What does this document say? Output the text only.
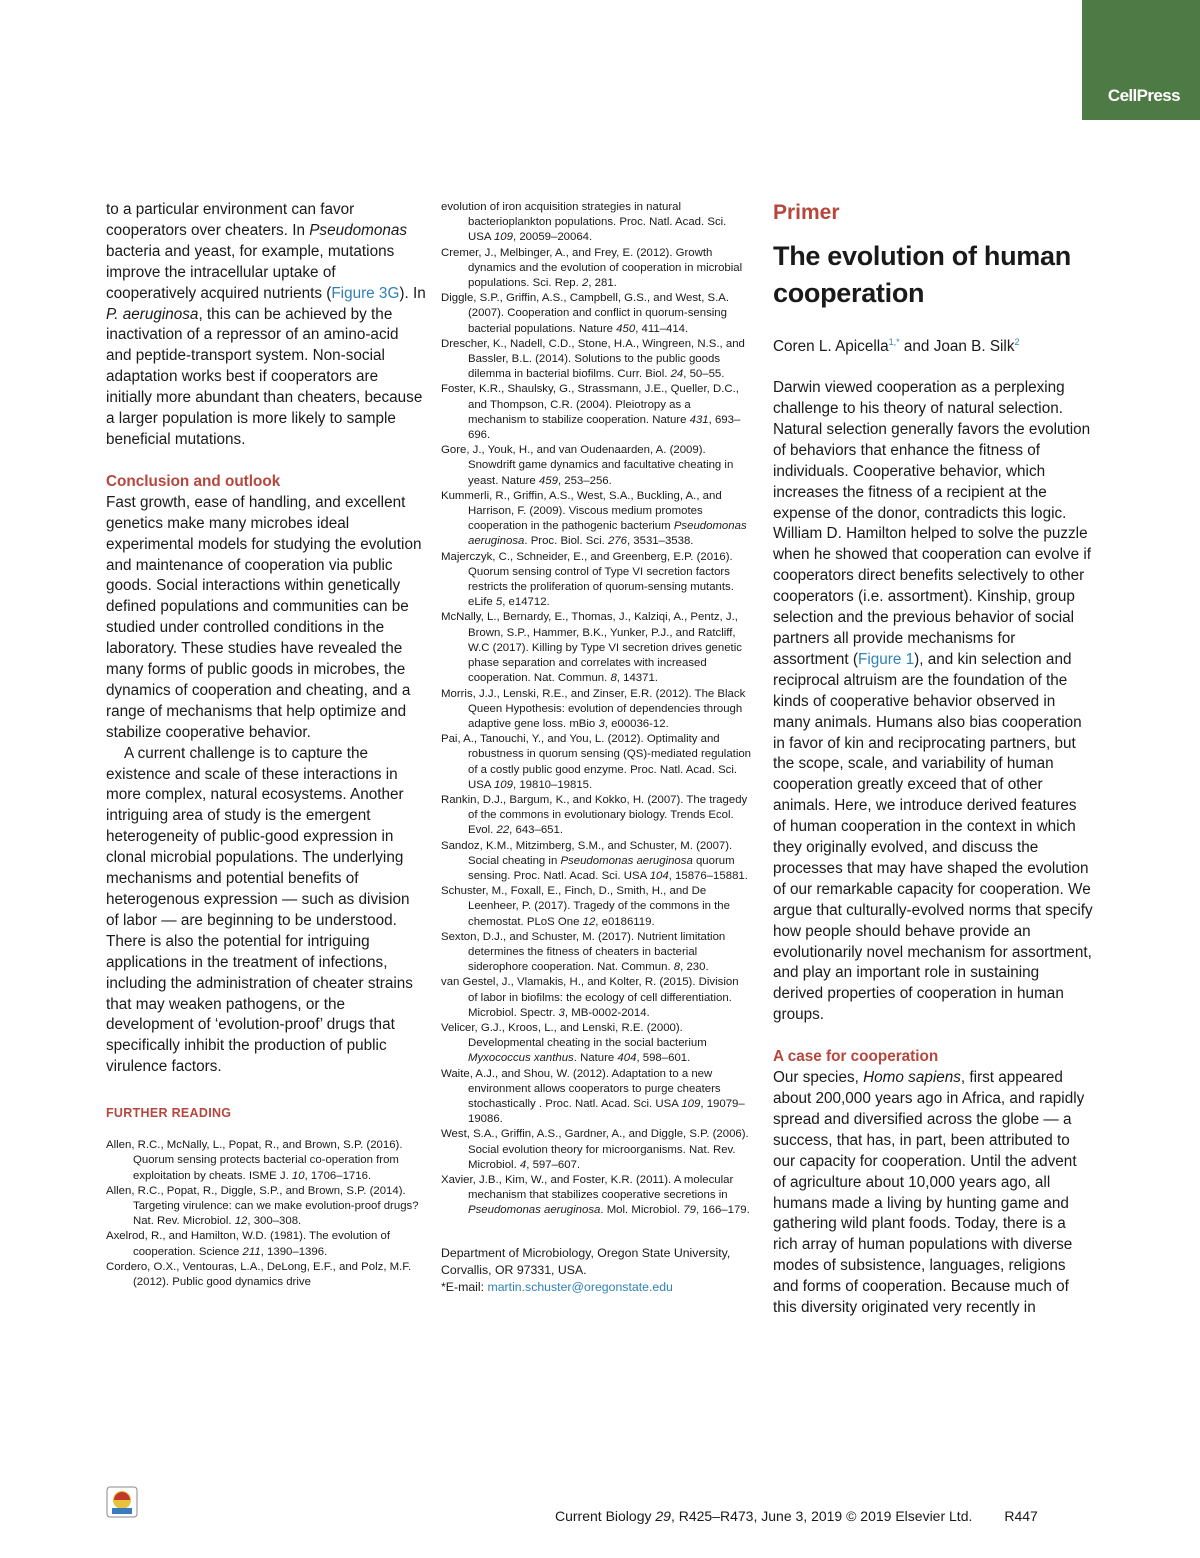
CellPress

to a particular environment can favor cooperators over cheaters. In Pseudomonas bacteria and yeast, for example, mutations improve the intracellular uptake of cooperatively acquired nutrients (Figure 3G). In P. aeruginosa, this can be achieved by the inactivation of a repressor of an amino-acid and peptide-transport system. Non-social adaptation works best if cooperators are initially more abundant than cheaters, because a larger population is more likely to sample beneficial mutations.

Conclusion and outlook

Fast growth, ease of handling, and excellent genetics make many microbes ideal experimental models for studying the evolution and maintenance of cooperation via public goods. Social interactions within genetically defined populations and communities can be studied under controlled conditions in the laboratory. These studies have revealed the many forms of public goods in microbes, the dynamics of cooperation and cheating, and a range of mechanisms that help optimize and stabilize cooperative behavior.

A current challenge is to capture the existence and scale of these interactions in more complex, natural ecosystems. Another intriguing area of study is the emergent heterogeneity of public-good expression in clonal microbial populations. The underlying mechanisms and potential benefits of heterogenous expression — such as division of labor — are beginning to be understood. There is also the potential for intriguing applications in the treatment of infections, including the administration of cheater strains that may weaken pathogens, or the development of ‘evolution-proof’ drugs that specifically inhibit the production of public virulence factors.

FURTHER READING

Allen, R.C., McNally, L., Popat, R., and Brown, S.P. (2016). Quorum sensing protects bacterial co-operation from exploitation by cheats. ISME J. 10, 1706–1716.

Allen, R.C., Popat, R., Diggle, S.P., and Brown, S.P. (2014). Targeting virulence: can we make evolution-proof drugs? Nat. Rev. Microbiol. 12, 300–308.

Axelrod, R., and Hamilton, W.D. (1981). The evolution of cooperation. Science 211, 1390–1396.

Cordero, O.X., Ventouras, L.A., DeLong, E.F., and Polz, M.F. (2012). Public good dynamics drive

evolution of iron acquisition strategies in natural bacterioplankton populations. Proc. Natl. Acad. Sci. USA 109, 20059–20064.

Cremer, J., Melbinger, A., and Frey, E. (2012). Growth dynamics and the evolution of cooperation in microbial populations. Sci. Rep. 2, 281.

Diggle, S.P., Griffin, A.S., Campbell, G.S., and West, S.A. (2007). Cooperation and conflict in quorum-sensing bacterial populations. Nature 450, 411–414.

Drescher, K., Nadell, C.D., Stone, H.A., Wingreen, N.S., and Bassler, B.L. (2014). Solutions to the public goods dilemma in bacterial biofilms. Curr. Biol. 24, 50–55.

Foster, K.R., Shaulsky, G., Strassmann, J.E., Queller, D.C., and Thompson, C.R. (2004). Pleiotropy as a mechanism to stabilize cooperation. Nature 431, 693–696.

Gore, J., Youk, H., and van Oudenaarden, A. (2009). Snowdrift game dynamics and facultative cheating in yeast. Nature 459, 253–256.

Kummerli, R., Griffin, A.S., West, S.A., Buckling, A., and Harrison, F. (2009). Viscous medium promotes cooperation in the pathogenic bacterium Pseudomonas aeruginosa. Proc. Biol. Sci. 276, 3531–3538.

Majerczyk, C., Schneider, E., and Greenberg, E.P. (2016). Quorum sensing control of Type VI secretion factors restricts the proliferation of quorum-sensing mutants. eLife 5, e14712.

McNally, L., Bernardy, E., Thomas, J., Kalziqi, A., Pentz, J., Brown, S.P., Hammer, B.K., Yunker, P.J., and Ratcliff, W.C (2017). Killing by Type VI secretion drives genetic phase separation and correlates with increased cooperation. Nat. Commun. 8, 14371.

Morris, J.J., Lenski, R.E., and Zinser, E.R. (2012). The Black Queen Hypothesis: evolution of dependencies through adaptive gene loss. mBio 3, e00036-12.

Pai, A., Tanouchi, Y., and You, L. (2012). Optimality and robustness in quorum sensing (QS)-mediated regulation of a costly public good enzyme. Proc. Natl. Acad. Sci. USA 109, 19810–19815.

Rankin, D.J., Bargum, K., and Kokko, H. (2007). The tragedy of the commons in evolutionary biology. Trends Ecol. Evol. 22, 643–651.

Sandoz, K.M., Mitzimberg, S.M., and Schuster, M. (2007). Social cheating in Pseudomonas aeruginosa quorum sensing. Proc. Natl. Acad. Sci. USA 104, 15876–15881.

Schuster, M., Foxall, E., Finch, D., Smith, H., and De Leenheer, P. (2017). Tragedy of the commons in the chemostat. PLoS One 12, e0186119.

Sexton, D.J., and Schuster, M. (2017). Nutrient limitation determines the fitness of cheaters in bacterial siderophore cooperation. Nat. Commun. 8, 230.

van Gestel, J., Vlamakis, H., and Kolter, R. (2015). Division of labor in biofilms: the ecology of cell differentiation. Microbiol. Spectr. 3, MB-0002-2014.

Velicer, G.J., Kroos, L., and Lenski, R.E. (2000). Developmental cheating in the social bacterium Myxococcus xanthus. Nature 404, 598–601.

Waite, A.J., and Shou, W. (2012). Adaptation to a new environment allows cooperators to purge cheaters stochastically . Proc. Natl. Acad. Sci. USA 109, 19079–19086.

West, S.A., Griffin, A.S., Gardner, A., and Diggle, S.P. (2006). Social evolution theory for microorganisms. Nat. Rev. Microbiol. 4, 597–607.

Xavier, J.B., Kim, W., and Foster, K.R. (2011). A molecular mechanism that stabilizes cooperative secretions in Pseudomonas aeruginosa. Mol. Microbiol. 79, 166–179.

Department of Microbiology, Oregon State University, Corvallis, OR 97331, USA.

*E-mail: martin.schuster@oregonstate.edu

Primer
The evolution of human cooperation
Coren L. Apicella$^{1,*}$ and Joan B. Silk$^2$

Darwin viewed cooperation as a perplexing challenge to his theory of natural selection. Natural selection generally favors the evolution of behaviors that enhance the fitness of individuals. Cooperative behavior, which increases the fitness of a recipient at the expense of the donor, contradicts this logic. William D. Hamilton helped to solve the puzzle when he showed that cooperation can evolve if cooperators direct benefits selectively to other cooperators (i.e. assortment). Kinship, group selection and the previous behavior of social partners all provide mechanisms for assortment (Figure 1), and kin selection and reciprocal altruism are the foundation of the kinds of cooperative behavior observed in many animals. Humans also bias cooperation in favor of kin and reciprocating partners, but the scope, scale, and variability of human cooperation greatly exceed that of other animals. Here, we introduce derived features of human cooperation in the context in which they originally evolved, and discuss the processes that may have shaped the evolution of our remarkable capacity for cooperation. We argue that culturally-evolved norms that specify how people should behave provide an evolutionarily novel mechanism for assortment, and play an important role in sustaining derived properties of cooperation in human groups.

A case for cooperation

Our species, Homo sapiens, first appeared about 200,000 years ago in Africa, and rapidly spread and diversified across the globe — a success, that has, in part, been attributed to our capacity for cooperation. Until the advent of agriculture about 10,000 years ago, all humans made a living by hunting game and gathering wild plant foods. Today, there is a rich array of human populations with diverse modes of subsistence, languages, religions and forms of cooperation. Because much of this diversity originated very recently in

Current Biology 29, R425–R473, June 3, 2019 © 2019 Elsevier Ltd. R447
